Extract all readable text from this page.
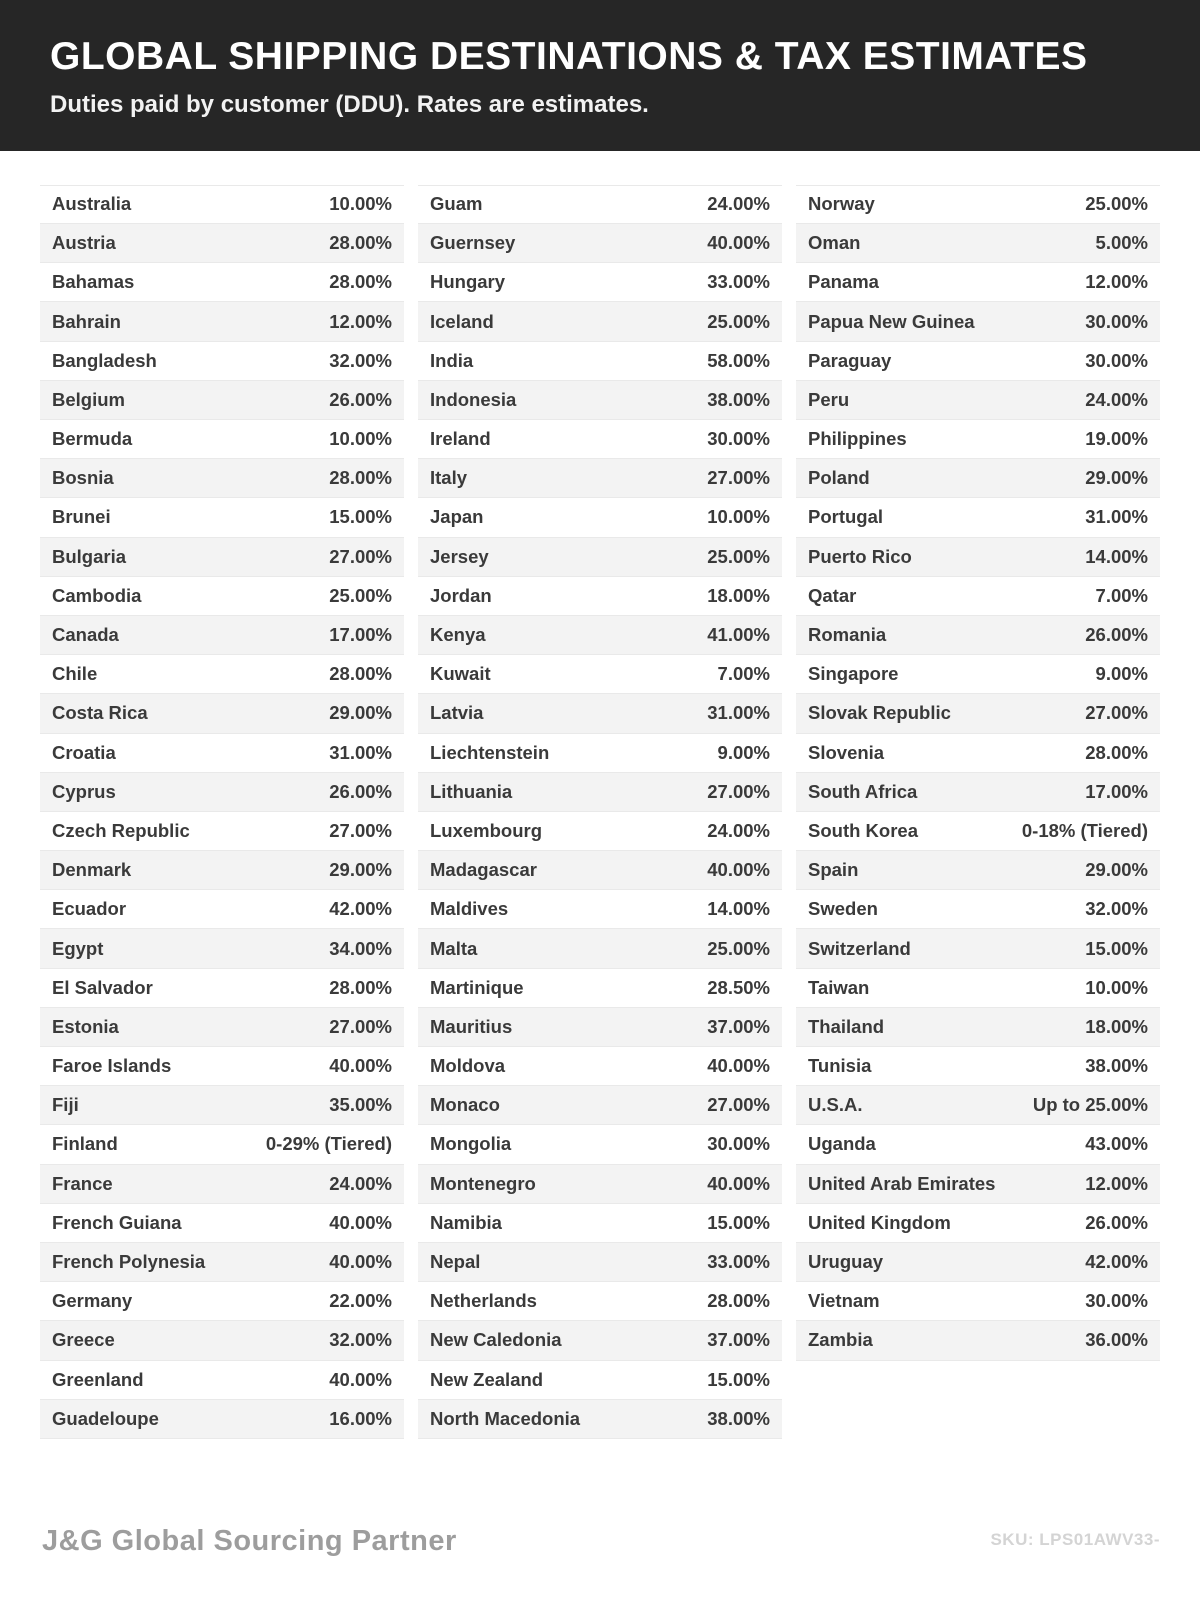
GLOBAL SHIPPING DESTINATIONS & TAX ESTIMATES
Duties paid by customer (DDU). Rates are estimates.
Australia	10.00%
Austria	28.00%
Bahamas	28.00%
Bahrain	12.00%
Bangladesh	32.00%
Belgium	26.00%
Bermuda	10.00%
Bosnia	28.00%
Brunei	15.00%
Bulgaria	27.00%
Cambodia	25.00%
Canada	17.00%
Chile	28.00%
Costa Rica	29.00%
Croatia	31.00%
Cyprus	26.00%
Czech Republic	27.00%
Denmark	29.00%
Ecuador	42.00%
Egypt	34.00%
El Salvador	28.00%
Estonia	27.00%
Faroe Islands	40.00%
Fiji	35.00%
Finland	0-29% (Tiered)
France	24.00%
French Guiana	40.00%
French Polynesia	40.00%
Germany	22.00%
Greece	32.00%
Greenland	40.00%
Guadeloupe	16.00%
Guam	24.00%
Guernsey	40.00%
Hungary	33.00%
Iceland	25.00%
India	58.00%
Indonesia	38.00%
Ireland	30.00%
Italy	27.00%
Japan	10.00%
Jersey	25.00%
Jordan	18.00%
Kenya	41.00%
Kuwait	7.00%
Latvia	31.00%
Liechtenstein	9.00%
Lithuania	27.00%
Luxembourg	24.00%
Madagascar	40.00%
Maldives	14.00%
Malta	25.00%
Martinique	28.50%
Mauritius	37.00%
Moldova	40.00%
Monaco	27.00%
Mongolia	30.00%
Montenegro	40.00%
Namibia	15.00%
Nepal	33.00%
Netherlands	28.00%
New Caledonia	37.00%
New Zealand	15.00%
North Macedonia	38.00%
Norway	25.00%
Oman	5.00%
Panama	12.00%
Papua New Guinea	30.00%
Paraguay	30.00%
Peru	24.00%
Philippines	19.00%
Poland	29.00%
Portugal	31.00%
Puerto Rico	14.00%
Qatar	7.00%
Romania	26.00%
Singapore	9.00%
Slovak Republic	27.00%
Slovenia	28.00%
South Africa	17.00%
South Korea	0-18% (Tiered)
Spain	29.00%
Sweden	32.00%
Switzerland	15.00%
Taiwan	10.00%
Thailand	18.00%
Tunisia	38.00%
U.S.A.	Up to 25.00%
Uganda	43.00%
United Arab Emirates	12.00%
United Kingdom	26.00%
Uruguay	42.00%
Vietnam	30.00%
Zambia	36.00%
J&G Global Sourcing Partner	SKU: LPS01AWV33-
